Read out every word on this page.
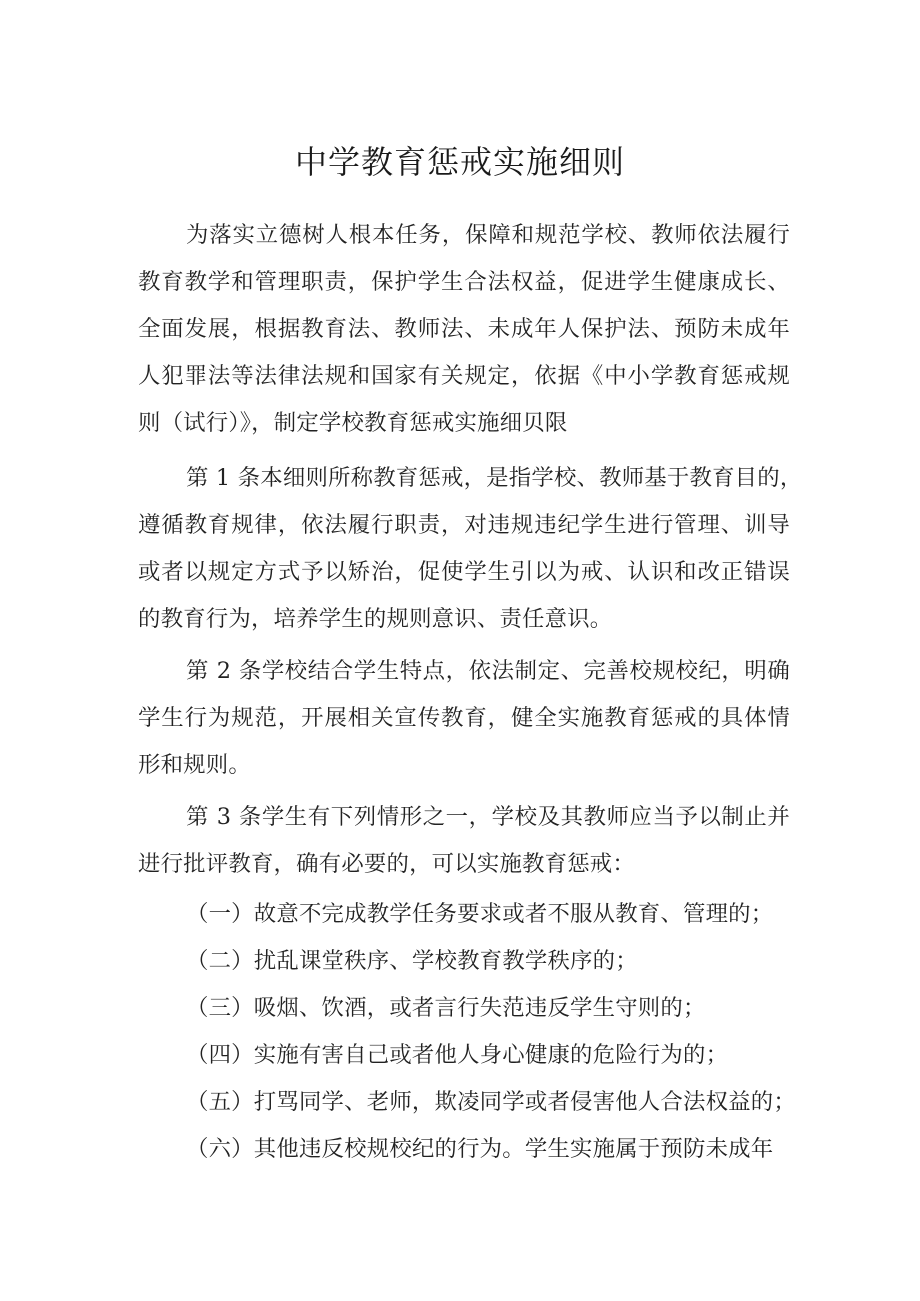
中学教育惩戒实施细则
为落实立德树人根本任务，保障和规范学校、教师依法履行
教育教学和管理职责，保护学生合法权益，促进学生健康成长、
全面发展，根据教育法、教师法、未成年人保护法、预防未成年
人犯罪法等法律法规和国家有关规定，依据《中小学教育惩戒规
则（试行）》，制定学校教育惩戒实施细贝限
第 1 条本细则所称教育惩戒，是指学校、教师基于教育目的，
遵循教育规律，依法履行职责，对违规违纪学生进行管理、训导
或者以规定方式予以矫治，促使学生引以为戒、认识和改正错误
的教育行为，培养学生的规则意识、责任意识。
第 2 条学校结合学生特点，依法制定、完善校规校纪，明确
学生行为规范，开展相关宣传教育，健全实施教育惩戒的具体情
形和规则。
第 3 条学生有下列情形之一，学校及其教师应当予以制止并
进行批评教育，确有必要的，可以实施教育惩戒：
（一）故意不完成教学任务要求或者不服从教育、管理的；
（二）扰乱课堂秩序、学校教育教学秩序的；
（三）吸烟、饮酒，或者言行失范违反学生守则的；
（四）实施有害自己或者他人身心健康的危险行为的；
（五）打骂同学、老师，欺凌同学或者侵害他人合法权益的；
（六）其他违反校规校纪的行为。学生实施属于预防未成年
